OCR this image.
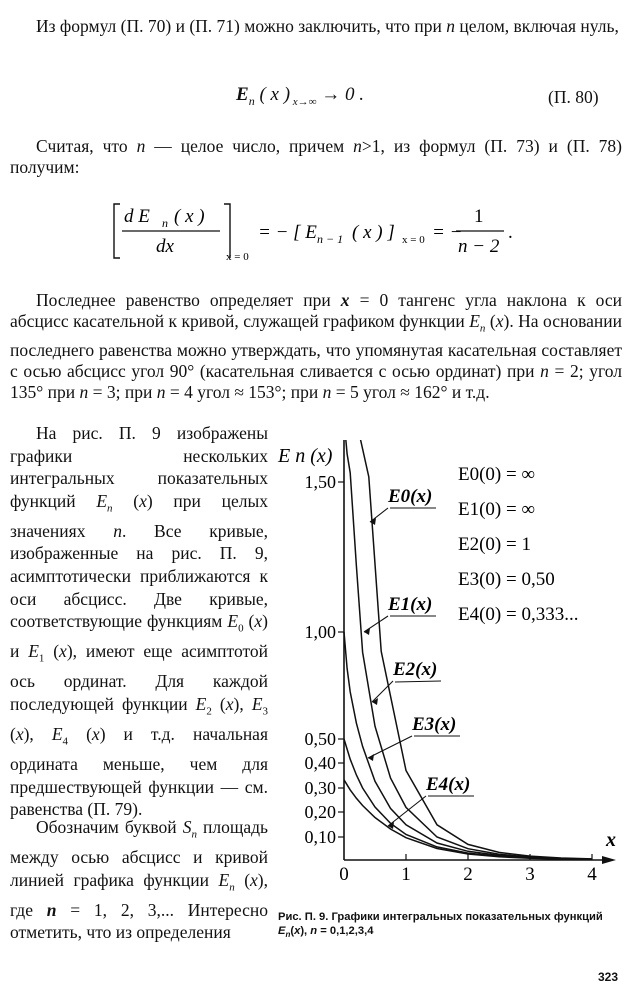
Из формул (П. 70) и (П. 71) можно заключить, что при n целом, включая нуль,
$E_n$ ( x ) $_{x\to\infty}$ → 0 .	(П. 80)
Считая, что n — целое число, причем n>1, из формул (П. 73) и (П. 78) получим:
d E n ( x )
dx	x = 0
= − [ E n − 1 ( x ) ] x = 0 = −
1
n − 2
.
Последнее равенство определяет при x = 0 тангенс угла наклона к оси абсцисс касательной к кривой, служащей графиком функции $E_n$ (x). На основании последнего равенства можно утверждать, что упомянутая касательная составляет с осью абсцисс угол 90° (касательная сливается с осью ординат) при n = 2; угол 135° при n = 3; при n = 4 угол ≈ 153°; при n = 5 угол ≈ 162° и т.д.
На рис. П. 9 изображены графики нескольких интегральных показательных функций $E_n$ (x) при целых значениях n. Все кривые, изображенные на рис. П. 9, асимптотически приближаются к оси абсцисс. Две кривые, соответствующие функциям $E_0$ (x) и $E_1$ (x), имеют еще асимптотой ось ординат. Для каждой последующей функции $E_2$ (x), $E_3$ (x), $E_4$ (x) и т.д. начальная ордината меньше, чем для предшествующей функции — см. равенства (П. 79).
Обозначим буквой $S_n$ площадь между осью абсцисс и кривой линией графика функции $E_n$ (x), где n = 1, 2, 3,... Интересно отметить, что из определения
0	1	2	3	4
0,10
0,20
0,30
0,40
0,50
1,00
1,50
E n (x)
x
E0(x)
E1(x)
E2(x)
E3(x)
E4(x)
E0(0) = ∞
E1(0) = ∞
E2(0) = 1
E3(0) = 0,50
E4(0) = 0,333...
Рис. П. 9. Графики интегральных показательных функций $E_n(x)$, n = 0,1,2,3,4
323
